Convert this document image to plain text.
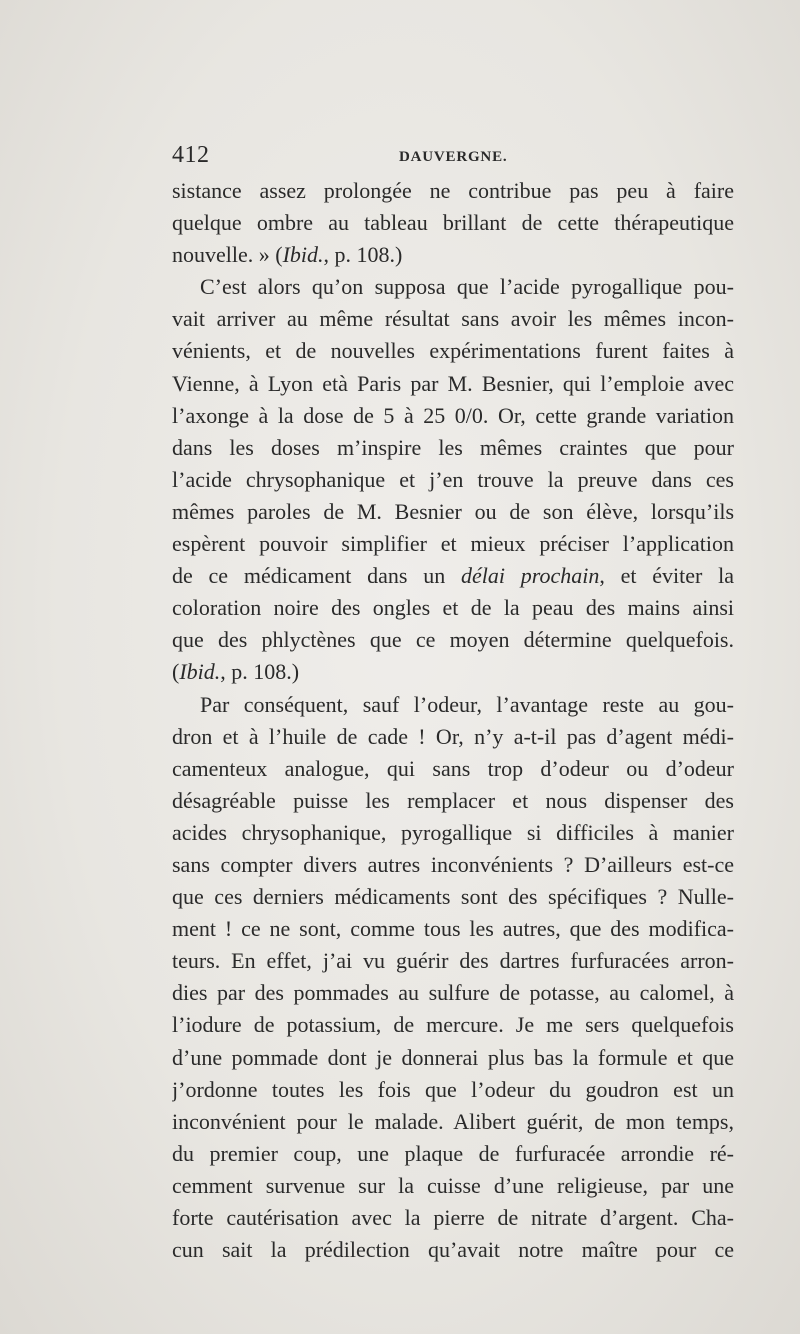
412	DAUVERGNE.
sistance assez prolongée ne contribue pas peu à faire
quelque ombre au tableau brillant de cette thérapeutique
nouvelle. » (Ibid., p. 108.)
C’est alors qu’on supposa que l’acide pyrogallique pou-
vait arriver au même résultat sans avoir les mêmes incon-
vénients, et de nouvelles expérimentations furent faites à
Vienne, à Lyon età Paris par M. Besnier, qui l’emploie avec
l’axonge à la dose de 5 à 25 0/0. Or, cette grande variation
dans les doses m’inspire les mêmes craintes que pour
l’acide chrysophanique et j’en trouve la preuve dans ces
mêmes paroles de M. Besnier ou de son élève, lorsqu’ils
espèrent pouvoir simplifier et mieux préciser l’application
de ce médicament dans un délai prochain, et éviter la
coloration noire des ongles et de la peau des mains ainsi
que des phlyctènes que ce moyen détermine quelquefois.
(Ibid., p. 108.)
Par conséquent, sauf l’odeur, l’avantage reste au gou-
dron et à l’huile de cade ! Or, n’y a-t-il pas d’agent médi-
camenteux analogue, qui sans trop d’odeur ou d’odeur
désagréable puisse les remplacer et nous dispenser des
acides chrysophanique, pyrogallique si difficiles à manier
sans compter divers autres inconvénients ? D’ailleurs est-ce
que ces derniers médicaments sont des spécifiques ? Nulle-
ment ! ce ne sont, comme tous les autres, que des modifica-
teurs. En effet, j’ai vu guérir des dartres furfuracées arron-
dies par des pommades au sulfure de potasse, au calomel, à
l’iodure de potassium, de mercure. Je me sers quelquefois
d’une pommade dont je donnerai plus bas la formule et que
j’ordonne toutes les fois que l’odeur du goudron est un
inconvénient pour le malade. Alibert guérit, de mon temps,
du premier coup, une plaque de furfuracée arrondie ré-
cemment survenue sur la cuisse d’une religieuse, par une
forte cautérisation avec la pierre de nitrate d’argent. Cha-
cun sait la prédilection qu’avait notre maître pour ce
